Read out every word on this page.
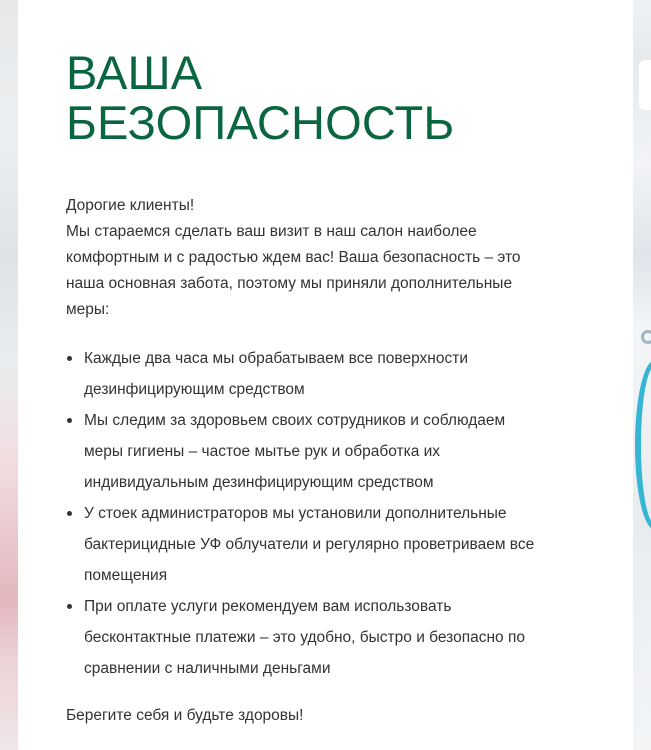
ВАША
БЕЗОПАСНОСТЬ

Дорогие клиенты!
Мы стараемся сделать ваш визит в наш салон наиболее
комфортным и с радостью ждем вас! Ваша безопасность – это
наша основная забота, поэтому мы приняли дополнительные
меры:

Каждые два часа мы обрабатываем все поверхности
дезинфицирующим средством
Мы следим за здоровьем своих сотрудников и соблюдаем
меры гигиены – частое мытье рук и обработка их
индивидуальным дезинфицирующим средством
У стоек администраторов мы установили дополнительные
бактерицидные УФ облучатели и регулярно проветриваем все
помещения
При оплате услуги рекомендуем вам использовать
бесконтактные платежи – это удобно, быстро и безопасно по
сравнении с наличными деньгами

Берегите себя и будьте здоровы!
